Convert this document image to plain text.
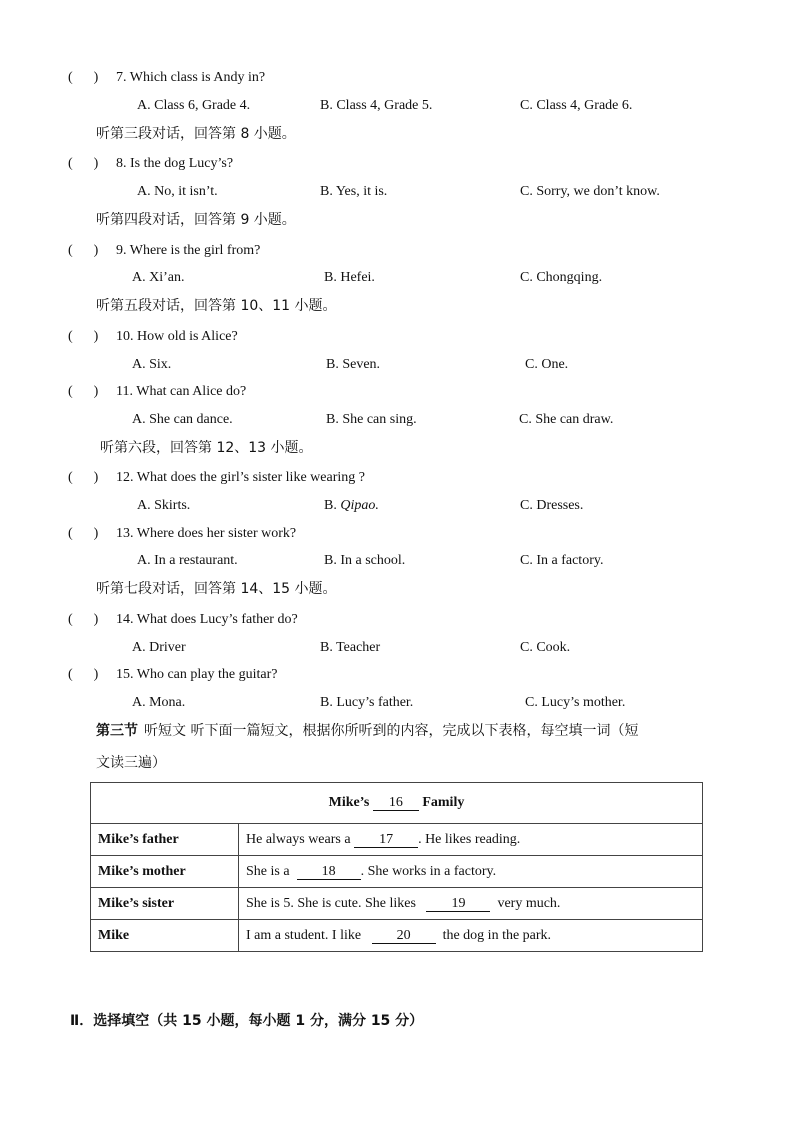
(      ) 7. Which class is Andy in?
A. Class 6, Grade 4.	B. Class 4, Grade 5.	C. Class 4, Grade 6.
听第三段对话，回答第 8 小题。
(      ) 8. Is the dog Lucy’s?
A. No, it isn’t.	B. Yes, it is.	C. Sorry, we don’t know.
听第四段对话，回答第 9 小题。
(      ) 9. Where is the girl from?
A. Xi’an.	B. Hefei.	C. Chongqing.
听第五段对话，回答第 10、11 小题。
(      ) 10. How old is Alice?
A. Six.	B. Seven.	C. One.
(      ) 11. What can Alice do?
A. She can dance.	B. She can sing.	C. She can draw.
听第六段，回答第 12、13 小题。
(      ) 12. What does the girl’s sister like wearing ?
A. Skirts.	B. Qipao.	C. Dresses.
(      ) 13. Where does her sister work?
A. In a restaurant.	B. In a school.	C. In a factory.
听第七段对话，回答第 14、15 小题。
(      ) 14. What does Lucy’s father do?
A. Driver	B. Teacher	C. Cook.
(      ) 15. Who can play the guitar?
A. Mona.	B. Lucy’s father.	C. Lucy’s mother.
第三节 听短文 听下面一篇短文，根据你所听到的内容，完成以下表格，每空填一词（短
文读三遍）
Mike’s 16 Family	
Mike’s father	He always wears a 17 . He likes reading.
Mike’s mother	She is a 18 . She works in a factory.
Mike’s sister	She is 5. She is cute. She likes 19 very much.
Mike	I am a student. I like 20 the dog in the park.
Ⅱ．选择填空（共 15 小题，每小题 1 分，满分 15 分）
